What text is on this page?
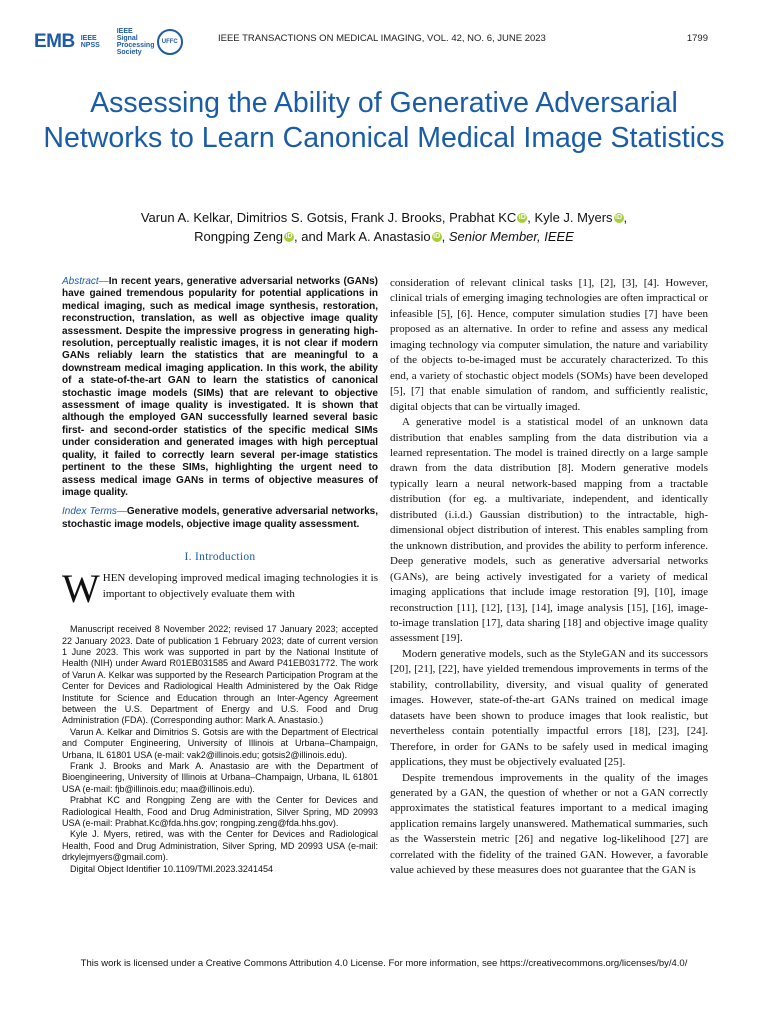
EMB IEEE NPSS
IEEE Signal Processing Society
UFFC	IEEE TRANSACTIONS ON MEDICAL IMAGING, VOL. 42, NO. 6, JUNE 2023	1799
Assessing the Ability of Generative Adversarial Networks to Learn Canonical Medical Image Statistics
Varun A. Kelkar, Dimitrios S. Gotsis, Frank J. Brooks, Prabhat KC iD , Kyle J. Myers iD ,
Rongping Zeng iD , and Mark A. Anastasio iD , Senior Member, IEEE

Abstract—In recent years, generative adversarial networks (GANs) have gained tremendous popularity for potential applications in medical imaging, such as medical image synthesis, restoration, reconstruction, translation, as well as objective image quality assessment. Despite the impressive progress in generating high-resolution, perceptually realistic images, it is not clear if modern GANs reliably learn the statistics that are meaningful to a downstream medical imaging application. In this work, the ability of a state-of-the-art GAN to learn the statistics of canonical stochastic image models (SIMs) that are relevant to objective assessment of image quality is investigated. It is shown that although the employed GAN successfully learned several basic first- and second-order statistics of the specific medical SIMs under consideration and generated images with high perceptual quality, it failed to correctly learn several per-image statistics pertinent to the these SIMs, highlighting the urgent need to assess medical image GANs in terms of objective measures of image quality.

Index Terms—Generative models, generative adversarial networks, stochastic image models, objective image quality assessment.

I. Introduction

WHEN developing improved medical imaging technologies it is important to objectively evaluate them with

Manuscript received 8 November 2022; revised 17 January 2023; accepted 22 January 2023. Date of publication 1 February 2023; date of current version 1 June 2023. This work was supported in part by the National Institute of Health (NIH) under Award R01EB031585 and Award P41EB031772. The work of Varun A. Kelkar was supported by the Research Participation Program at the Center for Devices and Radiological Health Administered by the Oak Ridge Institute for Science and Education through an Inter-Agency Agreement between the U.S. Department of Energy and U.S. Food and Drug Administration (FDA). (Corresponding author: Mark A. Anastasio.)

Varun A. Kelkar and Dimitrios S. Gotsis are with the Department of Electrical and Computer Engineering, University of Illinois at Urbana–Champaign, Urbana, IL 61801 USA (e-mail: vak2@illinois.edu; gotsis2@illinois.edu).

Frank J. Brooks and Mark A. Anastasio are with the Department of Bioengineering, University of Illinois at Urbana–Champaign, Urbana, IL 61801 USA (e-mail: fjb@illinois.edu; maa@illinois.edu).

Prabhat KC and Rongping Zeng are with the Center for Devices and Radiological Health, Food and Drug Administration, Silver Spring, MD 20993 USA (e-mail: Prabhat.Kc@fda.hhs.gov; rongping.zeng@fda.hhs.gov).

Kyle J. Myers, retired, was with the Center for Devices and Radiological Health, Food and Drug Administration, Silver Spring, MD 20993 USA (e-mail: drkylejmyers@gmail.com).

Digital Object Identifier 10.1109/TMI.2023.3241454

consideration of relevant clinical tasks [1], [2], [3], [4]. However, clinical trials of emerging imaging technologies are often impractical or infeasible [5], [6]. Hence, computer simulation studies [7] have been proposed as an alternative. In order to refine and assess any medical imaging technology via computer simulation, the nature and variability of the objects to-be-imaged must be accurately characterized. To this end, a variety of stochastic object models (SOMs) have been developed [5], [7] that enable simulation of random, and sufficiently realistic, digital objects that can be virtually imaged.

A generative model is a statistical model of an unknown data distribution that enables sampling from the data distribution via a learned representation. The model is trained directly on a large sample drawn from the data distribution [8]. Modern generative models typically learn a neural network-based mapping from a tractable distribution (for eg. a multivariate, independent, and identically distributed (i.i.d.) Gaussian distribution) to the intractable, high-dimensional object distribution of interest. This enables sampling from the unknown distribution, and provides the ability to perform inference. Deep generative models, such as generative adversarial networks (GANs), are being actively investigated for a variety of medical imaging applications that include image restoration [9], [10], image reconstruction [11], [12], [13], [14], image analysis [15], [16], image-to-image translation [17], data sharing [18] and objective image quality assessment [19].

Modern generative models, such as the StyleGAN and its successors [20], [21], [22], have yielded tremendous improvements in terms of the stability, controllability, diversity, and visual quality of generated images. However, state-of-the-art GANs trained on medical image datasets have been shown to produce images that look realistic, but nevertheless contain potentially impactful errors [18], [23], [24]. Therefore, in order for GANs to be safely used in medical imaging applications, they must be objectively evaluated [25].

Despite tremendous improvements in the quality of the images generated by a GAN, the question of whether or not a GAN correctly approximates the statistical features important to a medical imaging application remains largely unanswered. Mathematical summaries, such as the Wasserstein metric [26] and negative log-likelihood [27] are correlated with the fidelity of the trained GAN. However, a favorable value achieved by these measures does not guarantee that the GAN is

This work is licensed under a Creative Commons Attribution 4.0 License. For more information, see https://creativecommons.org/licenses/by/4.0/
